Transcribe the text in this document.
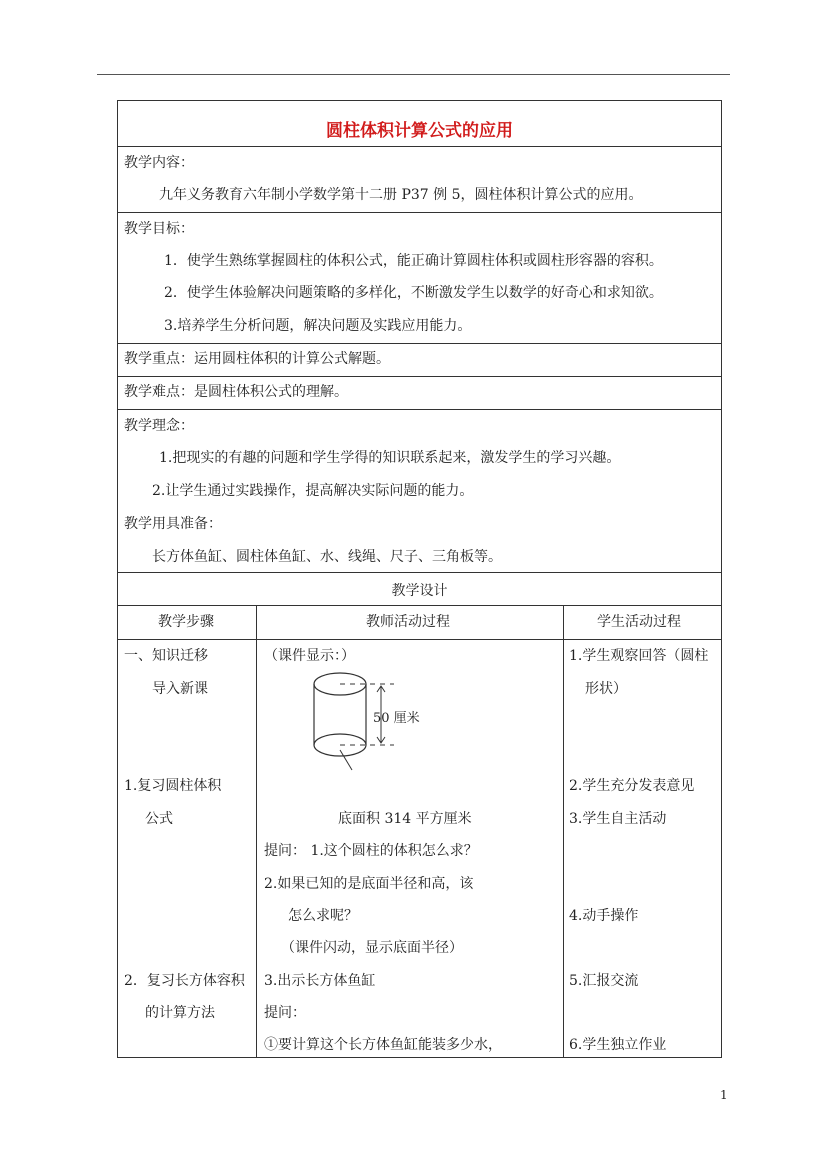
圆柱体积计算公式的应用
教学内容：
九年义务教育六年制小学数学第十二册 P37 例 5，圆柱体积计算公式的应用。
教学目标：
1．使学生熟练掌握圆柱的体积公式，能正确计算圆柱体积或圆柱形容器的容积。
2．使学生体验解决问题策略的多样化，不断激发学生以数学的好奇心和求知欲。
3.培养学生分析问题，解决问题及实践应用能力。
教学重点：运用圆柱体积的计算公式解题。
教学难点：是圆柱体积公式的理解。
教学理念：
1.把现实的有趣的问题和学生学得的知识联系起来，激发学生的学习兴趣。
2.让学生通过实践操作，提高解决实际问题的能力。
教学用具准备：
长方体鱼缸、圆柱体鱼缸、水、线绳、尺子、三角板等。
教学设计
教学步骤	教师活动过程	学生活动过程
一、知识迁移
导入新课
1.复习圆柱体积
公式
2．复习长方体容积
的计算方法
（课件显示：）
50 厘米
底面积 314 平方厘米
提问： 1.这个圆柱的体积怎么求？
2.如果已知的是底面半径和高，该
怎么求呢？
（课件闪动，显示底面半径）
3.出示长方体鱼缸
提问：
①要计算这个长方体鱼缸能装多少水，
1.学生观察回答（圆柱
形状）
2.学生充分发表意见
3.学生自主活动
4.动手操作
5.汇报交流
6.学生独立作业
1
